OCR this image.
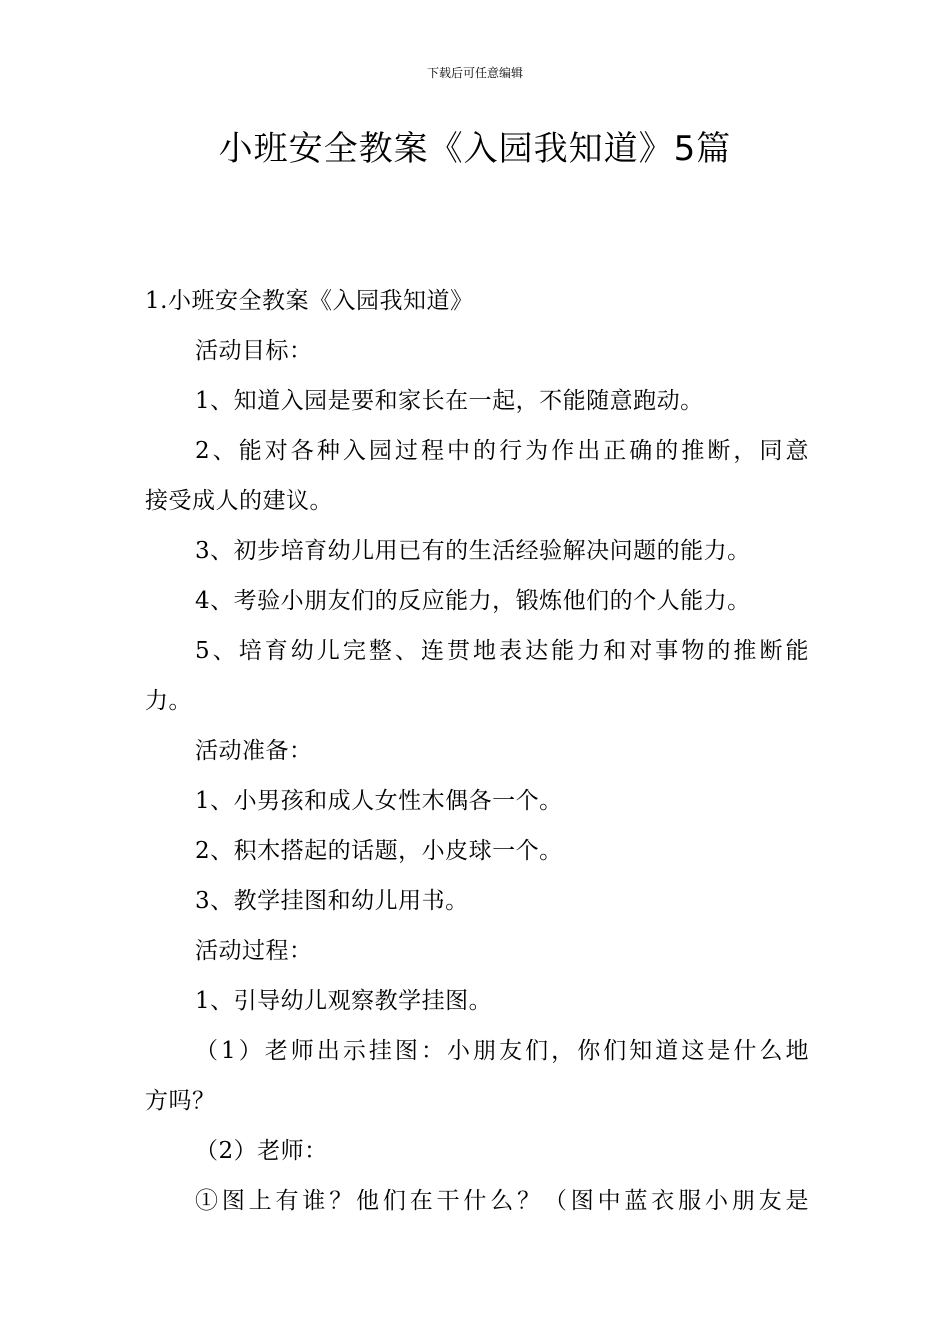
下载后可任意编辑
小班安全教案《入园我知道》5篇
1.小班安全教案《入园我知道》
活动目标：
1、知道入园是要和家长在一起，不能随意跑动。
2、能对各种入园过程中的行为作出正确的推断，同意
接受成人的建议。
3、初步培育幼儿用已有的生活经验解决问题的能力。
4、考验小朋友们的反应能力，锻炼他们的个人能力。
5、培育幼儿完整、连贯地表达能力和对事物的推断能
力。
活动准备：
1、小男孩和成人女性木偶各一个。
2、积木搭起的话题，小皮球一个。
3、教学挂图和幼儿用书。
活动过程：
1、引导幼儿观察教学挂图。
（1）老师出示挂图：小朋友们，你们知道这是什么地
方吗？
（2）老师：
①图上有谁？他们在干什么？（图中蓝衣服小朋友是
